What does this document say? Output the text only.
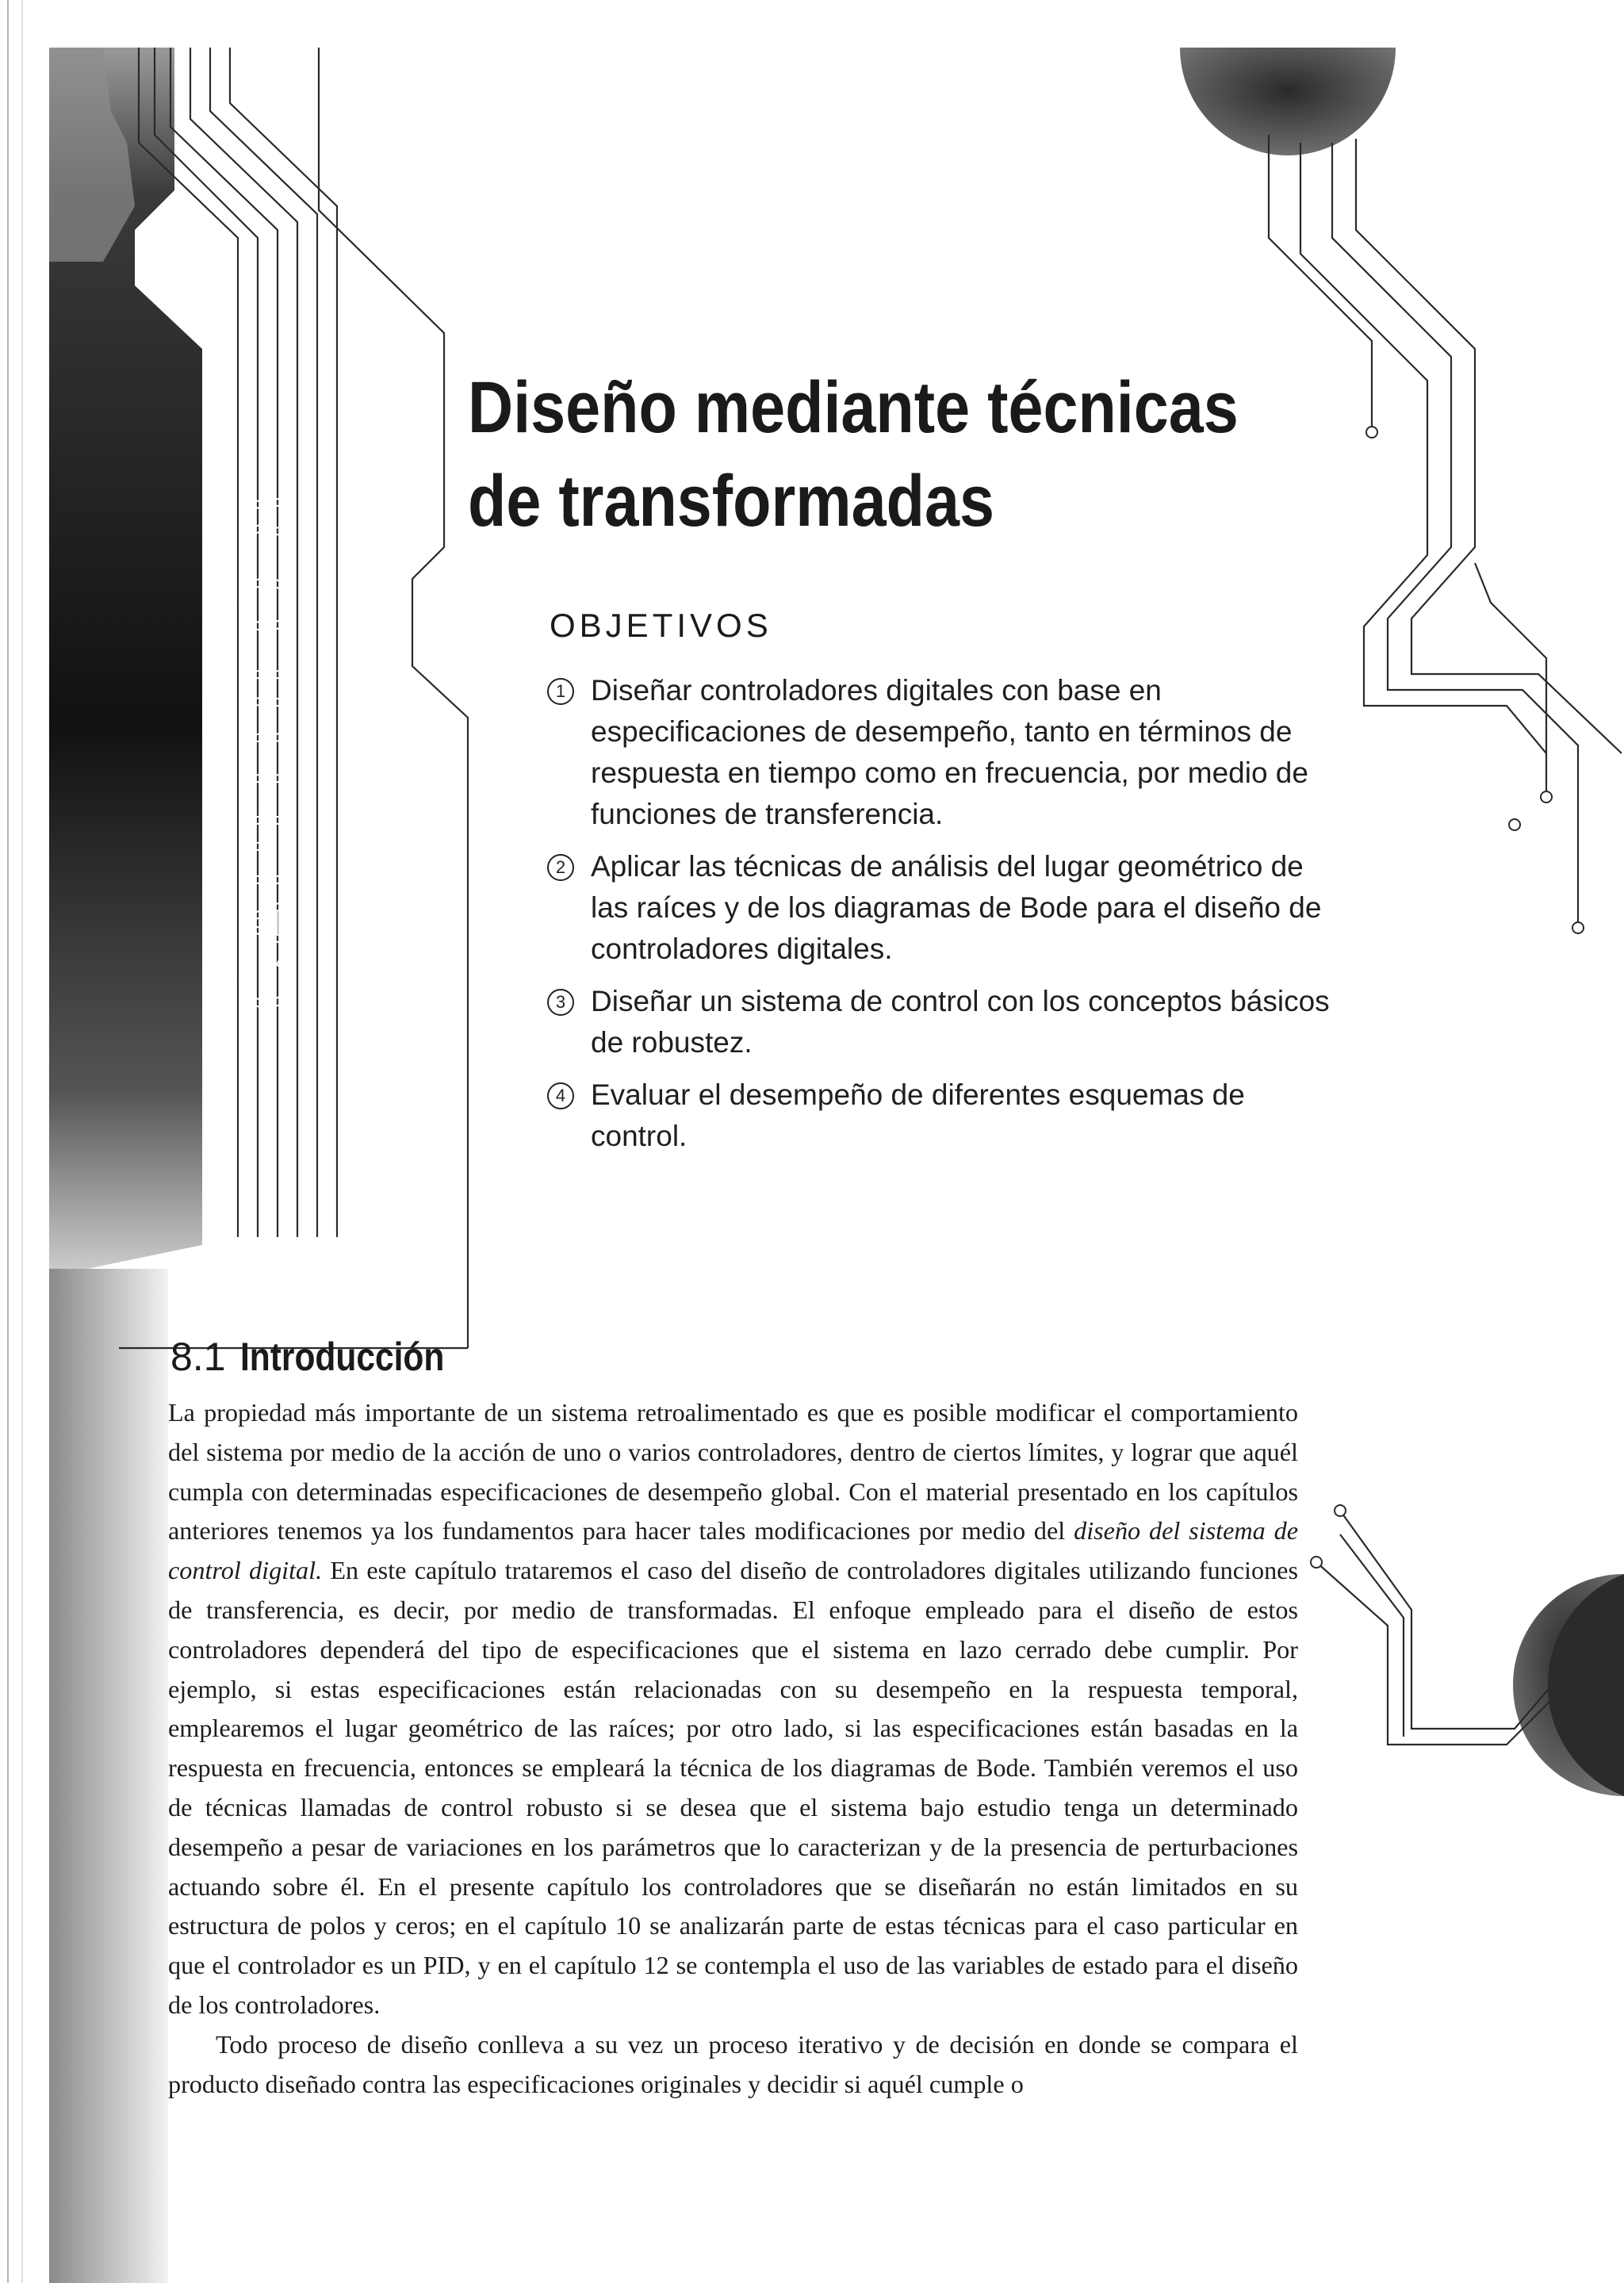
CAPÍTULO 8
Diseño mediante técnicas
de transformadas
OBJETIVOS
1 Diseñar controladores digitales con base en especificaciones de desempeño, tanto en términos de respuesta en tiempo como en frecuencia, por medio de funciones de transferencia.
2 Aplicar las técnicas de análisis del lugar geométrico de las raíces y de los diagramas de Bode para el diseño de controladores digitales.
3 Diseñar un sistema de control con los conceptos básicos de robustez.
4 Evaluar el desempeño de diferentes esquemas de control.
8.1 Introducción

La propiedad más importante de un sistema retroalimentado es que es posible modificar el comportamiento del sistema por medio de la acción de uno o varios controladores, dentro de ciertos límites, y lograr que aquél cumpla con determinadas especificaciones de desempeño global. Con el material presentado en los capítulos anteriores tenemos ya los fundamentos para hacer tales modificaciones por medio del diseño del sistema de control digital. En este capítulo trataremos el caso del diseño de controladores digitales utilizando funciones de transferencia, es decir, por medio de transformadas. El enfoque empleado para el diseño de estos controladores dependerá del tipo de especificaciones que el sistema en lazo cerrado debe cumplir. Por ejemplo, si estas especificaciones están relacionadas con su desempeño en la respuesta temporal, emplearemos el lugar geométrico de las raíces; por otro lado, si las especificaciones están basadas en la respuesta en frecuencia, entonces se empleará la técnica de los diagramas de Bode. También veremos el uso de técnicas llamadas de control robusto si se desea que el sistema bajo estudio tenga un determinado desempeño a pesar de variaciones en los parámetros que lo caracterizan y de la presencia de perturbaciones actuando sobre él. En el presente capítulo los controladores que se diseñarán no están limitados en su estructura de polos y ceros; en el capítulo 10 se analizarán parte de estas técnicas para el caso particular en que el controlador es un PID, y en el capítulo 12 se contempla el uso de las variables de estado para el diseño de los controladores.

Todo proceso de diseño conlleva a su vez un proceso iterativo y de decisión en donde se compara el producto diseñado contra las especificaciones originales y decidir si aquél cumple o
